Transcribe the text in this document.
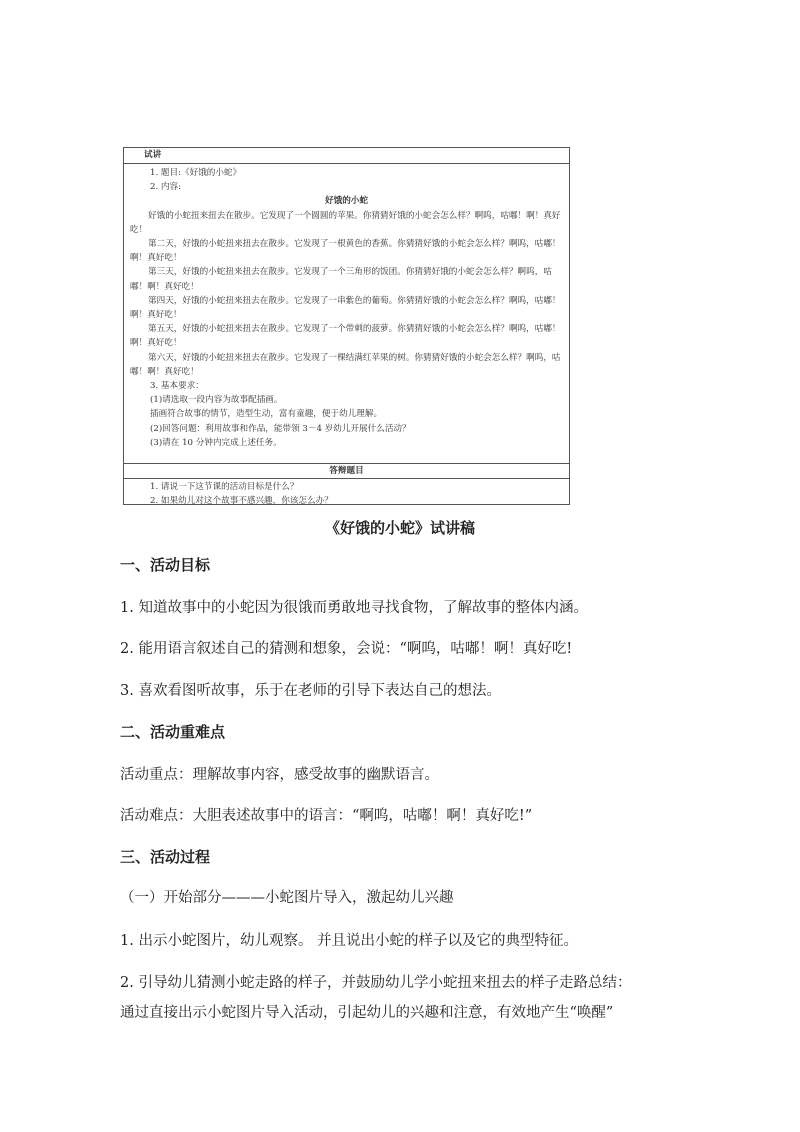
试讲
1. 题目:《好饿的小蛇》
2. 内容:
好饿的小蛇
好饿的小蛇扭来扭去在散步。它发现了一个圆圆的苹果。你猜猜好饿的小蛇会怎么样？啊呜，咕嘟！啊！真好吃！
第二天，好饿的小蛇扭来扭去在散步。它发现了一根黄色的香蕉。你猜猜好饿的小蛇会怎么样？啊呜，咕嘟！啊！真好吃！
第三天，好饿的小蛇扭来扭去在散步。它发现了一个三角形的饭团。你猜猜好饿的小蛇会怎么样？啊呜，咕嘟！啊！真好吃！
第四天，好饿的小蛇扭来扭去在散步。它发现了一串紫色的葡萄。你猜猜好饿的小蛇会怎么样？啊呜，咕嘟！啊！真好吃！
第五天，好饿的小蛇扭来扭去在散步。它发现了一个带刺的菠萝。你猜猜好饿的小蛇会怎么样？啊呜，咕嘟！啊！真好吃！
第六天，好饿的小蛇扭来扭去在散步。它发现了一棵结满红苹果的树。你猜猜好饿的小蛇会怎么样？啊呜，咕嘟！啊！真好吃！
3. 基本要求：
(1)请选取一段内容为故事配插画。
插画符合故事的情节，造型生动，富有童趣，便于幼儿理解。
(2)回答问题：利用故事和作品，能带领 3－4 岁幼儿开展什么活动？
(3)请在 10 分钟内完成上述任务。
答辩题目
1. 请说一下这节课的活动目标是什么？
2. 如果幼儿对这个故事不感兴趣，你该怎么办？
《好饿的小蛇》试讲稿
一、活动目标
1. 知道故事中的小蛇因为很饿而勇敢地寻找食物，了解故事的整体内涵。
2. 能用语言叙述自己的猜测和想象，会说：“啊呜，咕嘟！啊！真好吃!
3. 喜欢看图听故事，乐于在老师的引导下表达自己的想法。
二、活动重难点
活动重点：理解故事内容，感受故事的幽默语言。
活动难点：大胆表述故事中的语言：“啊呜，咕嘟！啊！真好吃!”
三、活动过程
（一）开始部分———小蛇图片导入，激起幼儿兴趣
1. 出示小蛇图片，幼儿观察。 并且说出小蛇的样子以及它的典型特征。
2. 引导幼儿猜测小蛇走路的样子，并鼓励幼儿学小蛇扭来扭去的样子走路总结：
通过直接出示小蛇图片导入活动，引起幼儿的兴趣和注意，有效地产生“唤醒”
